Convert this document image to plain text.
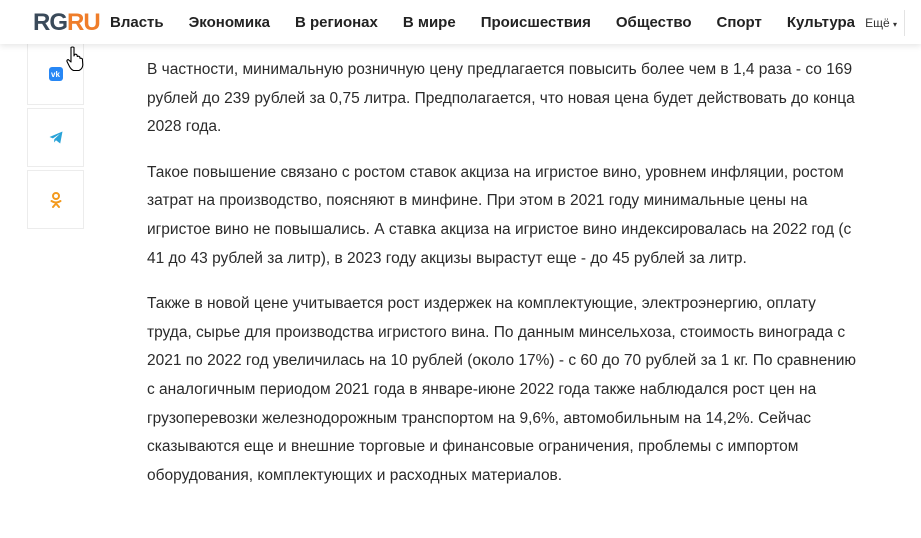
RGRU Власть Экономика В регионах В мире Происшествия Общество Спорт Культура Ещё ▾
vk	В частности, минимальную розничную цену предлагается повысить более чем в 1,4 раза - со 169 рублей до 239 рублей за 0,75 литра. Предполагается, что новая цена будет действовать до конца 2028 года.

Такое повышение связано с ростом ставок акциза на игристое вино, уровнем инфляции, ростом затрат на производство, поясняют в минфине. При этом в 2021 году минимальные цены на игристое вино не повышались. А ставка акциза на игристое вино индексировалась на 2022 год (с 41 до 43 рублей за литр), в 2023 году акцизы вырастут еще - до 45 рублей за литр.

Также в новой цене учитывается рост издержек на комплектующие, электроэнергию, оплату труда, сырье для производства игристого вина. По данным минсельхоза, стоимость винограда с 2021 по 2022 год увеличилась на 10 рублей (около 17%) - с 60 до 70 рублей за 1 кг. По сравнению с аналогичным периодом 2021 года в январе-июне 2022 года также наблюдался рост цен на грузоперевозки железнодорожным транспортом на 9,6%, автомобильным на 14,2%. Сейчас сказываются еще и внешние торговые и финансовые ограничения, проблемы с импортом оборудования, комплектующих и расходных материалов.
